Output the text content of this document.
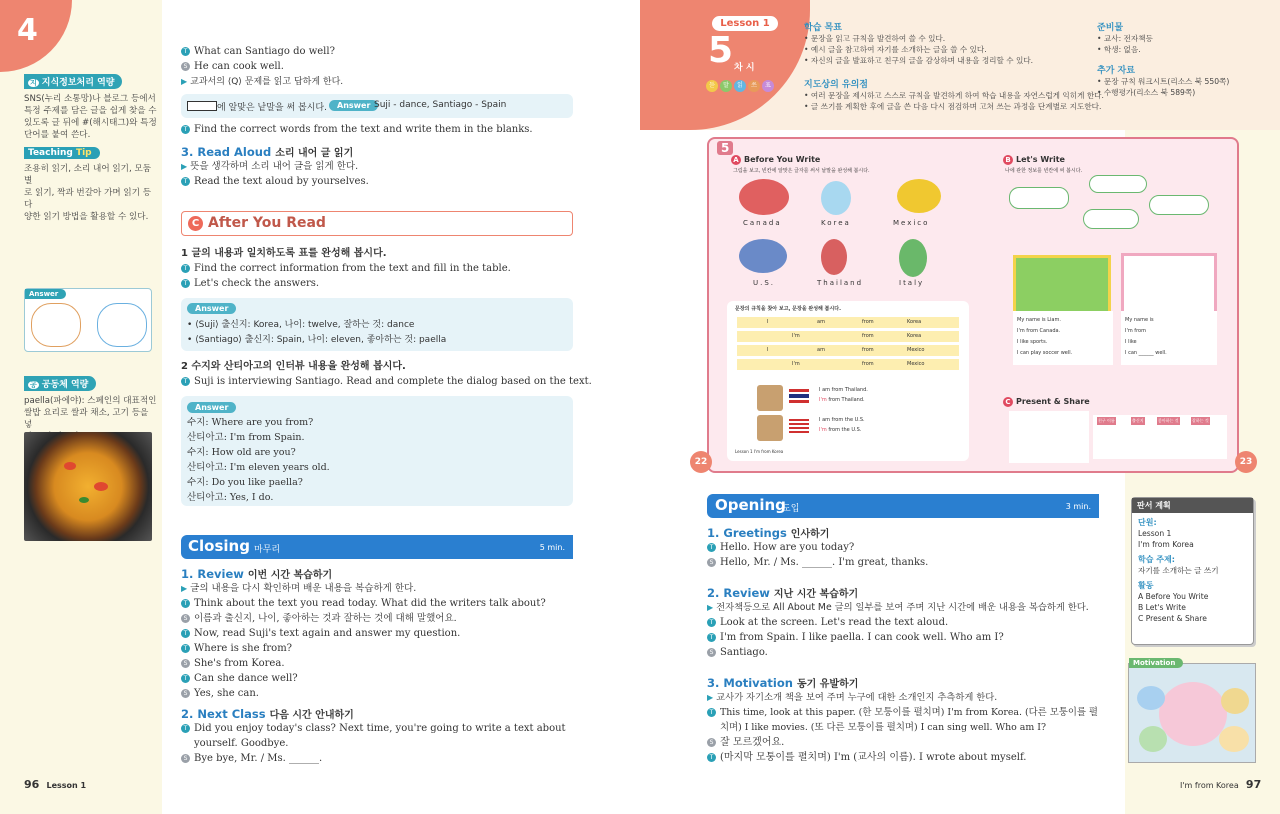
4
지 지식정보처리 역량
SNS(누리 소통망)나 블로그 등에서
특정 주제를 담은 글을 쉽게 찾을 수
있도록 글 뒤에 #(해시태그)와 특정
단어를 붙여 쓴다.
Teaching Tip
조용히 읽기, 소리 내어 읽기, 모둠별
로 읽기, 짝과 번갈아 가며 읽기 등 다
양한 읽기 방법을 활용할 수 있다.
Answer
공 공동체 역량
paella(파에야): 스페인의 대표적인
쌀밥 요리로 쌀과 채소, 고기 등을 넣
T What can Santiago do well?
S He can cook well.
▶ 교과서의 ⟨Q⟩ 문제를 읽고 답하게 한다.
에 알맞은 낱말을 써 봅시다.	Answer Suji - dance, Santiago - Spain
T Find the correct words from the text and write them in the blanks.
3. Read Aloud 소리 내어 글 읽기
▶ 뜻을 생각하며 소리 내어 글을 읽게 한다.
T Read the text aloud by yourselves.
C After You Read
1 글의 내용과 일치하도록 표를 완성해 봅시다.
T Find the correct information from the text and fill in the table.
T Let's check the answers.
Answer
• ⟨Suji⟩ 출신지: Korea, 나이: twelve, 잘하는 것: dance
• ⟨Santiago⟩ 출신지: Spain, 나이: eleven, 좋아하는 것: paella
2 수지와 산티아고의 인터뷰 내용을 완성해 봅시다.
T Suji is interviewing Santiago. Read and complete the dialog based on the text.
Answer
수지: Where are you from?
산티아고: I'm from Spain.
수지: How old are you?
산티아고: I'm eleven years old.
수지: Do you like paella?
산티아고: Yes, I do.
Closing 마무리	5 min.
1. Review 이번 시간 복습하기
▶ 글의 내용을 다시 확인하며 배운 내용을 복습하게 한다.
T Think about the text you read today. What did the writers talk about?
S 이름과 출신지, 나이, 좋아하는 것과 잘하는 것에 대해 말했어요.
T Now, read Suji's text again and answer my question.
T Where is she from?
S She's from Korea.
T Can she dance well?
S Yes, she can.
2. Next Class 다음 시간 안내하기
T Did you enjoy today's class? Next time, you're going to write a text about
yourself. Goodbye.
S Bye bye, Mr. / Ms. ______.
96 Lesson 1
Lesson 1
5 차 시
듣	말	읽	쓰	표
학습 목표
• 문장을 읽고 규칙을 발견하여 쓸 수 있다.
• 예시 글을 참고하여 자기를 소개하는 글을 쓸 수 있다.
• 자신의 글을 발표하고 친구의 글을 감상하며 내용을 정리할 수 있다.
지도상의 유의점
• 여러 문장을 제시하고 스스로 규칙을 발견하게 하여 학습 내용을 자연스럽게 익히게 한다.
• 글 쓰기를 계획한 후에 글을 쓴 다음 다시 점검하며 고쳐 쓰는 과정을 단계별로 지도한다.
준비물
• 교사: 전자책등
• 학생: 없음.
추가 자료
• 문장 규칙 워크시트(리소스 북 550쪽)
• 수행평가(리소스 북 589쪽)
5
A Before You Write
그림을 보고, 빈칸에 알맞은 글자를 써서 낱말을 완성해 봅시다.
Canada	Korea	Mexico
U.S.	Thailand	Italy
문장의 규칙을 찾아 보고, 문장을 완성해 봅시다.
I	am	from	Korea
I'm	from	Korea
I	am	from	Mexico
I'm	from	Mexico
I am from Thailand.
I'm from Thailand.
I am from the U.S.
I'm from the U.S.
Lesson 1 I'm from Korea
B Let's Write
나에 관한 정보를 빈칸에 써 봅시다.
My name is Liam.
I'm from Canada.
I like sports.
I can play soccer well.
My name is
I'm from
I like
I can ______ well.
C Present & Share
친구 이름	출신지	좋아하는 것	잘하는 것
22	23
Opening
도입	3 min.
1. Greetings 인사하기
T Hello. How are you today?
S Hello, Mr. / Ms. ______. I'm great, thanks.
2. Review 지난 시간 복습하기
▶ 전자책등으로 All About Me 글의 일부를 보여 주며 지난 시간에 배운 내용을 복습하게 한다.
T Look at the screen. Let's read the text aloud.
T I'm from Spain. I like paella. I can cook well. Who am I?
S Santiago.
3. Motivation 동기 유발하기
▶ 교사가 자기소개 책을 보여 주며 누구에 대한 소개인지 추측하게 한다.
T This time, look at this paper. (한 모퉁이를 펼치며) I'm from Korea. (다른 모퉁이를 펼
치며) I like movies. (또 다른 모퉁이를 펼치며) I can sing well. Who am I?
S 잘 모르겠어요.
T (마지막 모퉁이를 펼치며) I'm (교사의 이름). I wrote about myself.
판서 계획
단원:
Lesson 1
I'm from Korea
학습 주제:
자기를 소개하는 글 쓰기
활동
A Before You Write
B Let's Write
C Present & Share
Motivation
I'm from Korea 97
